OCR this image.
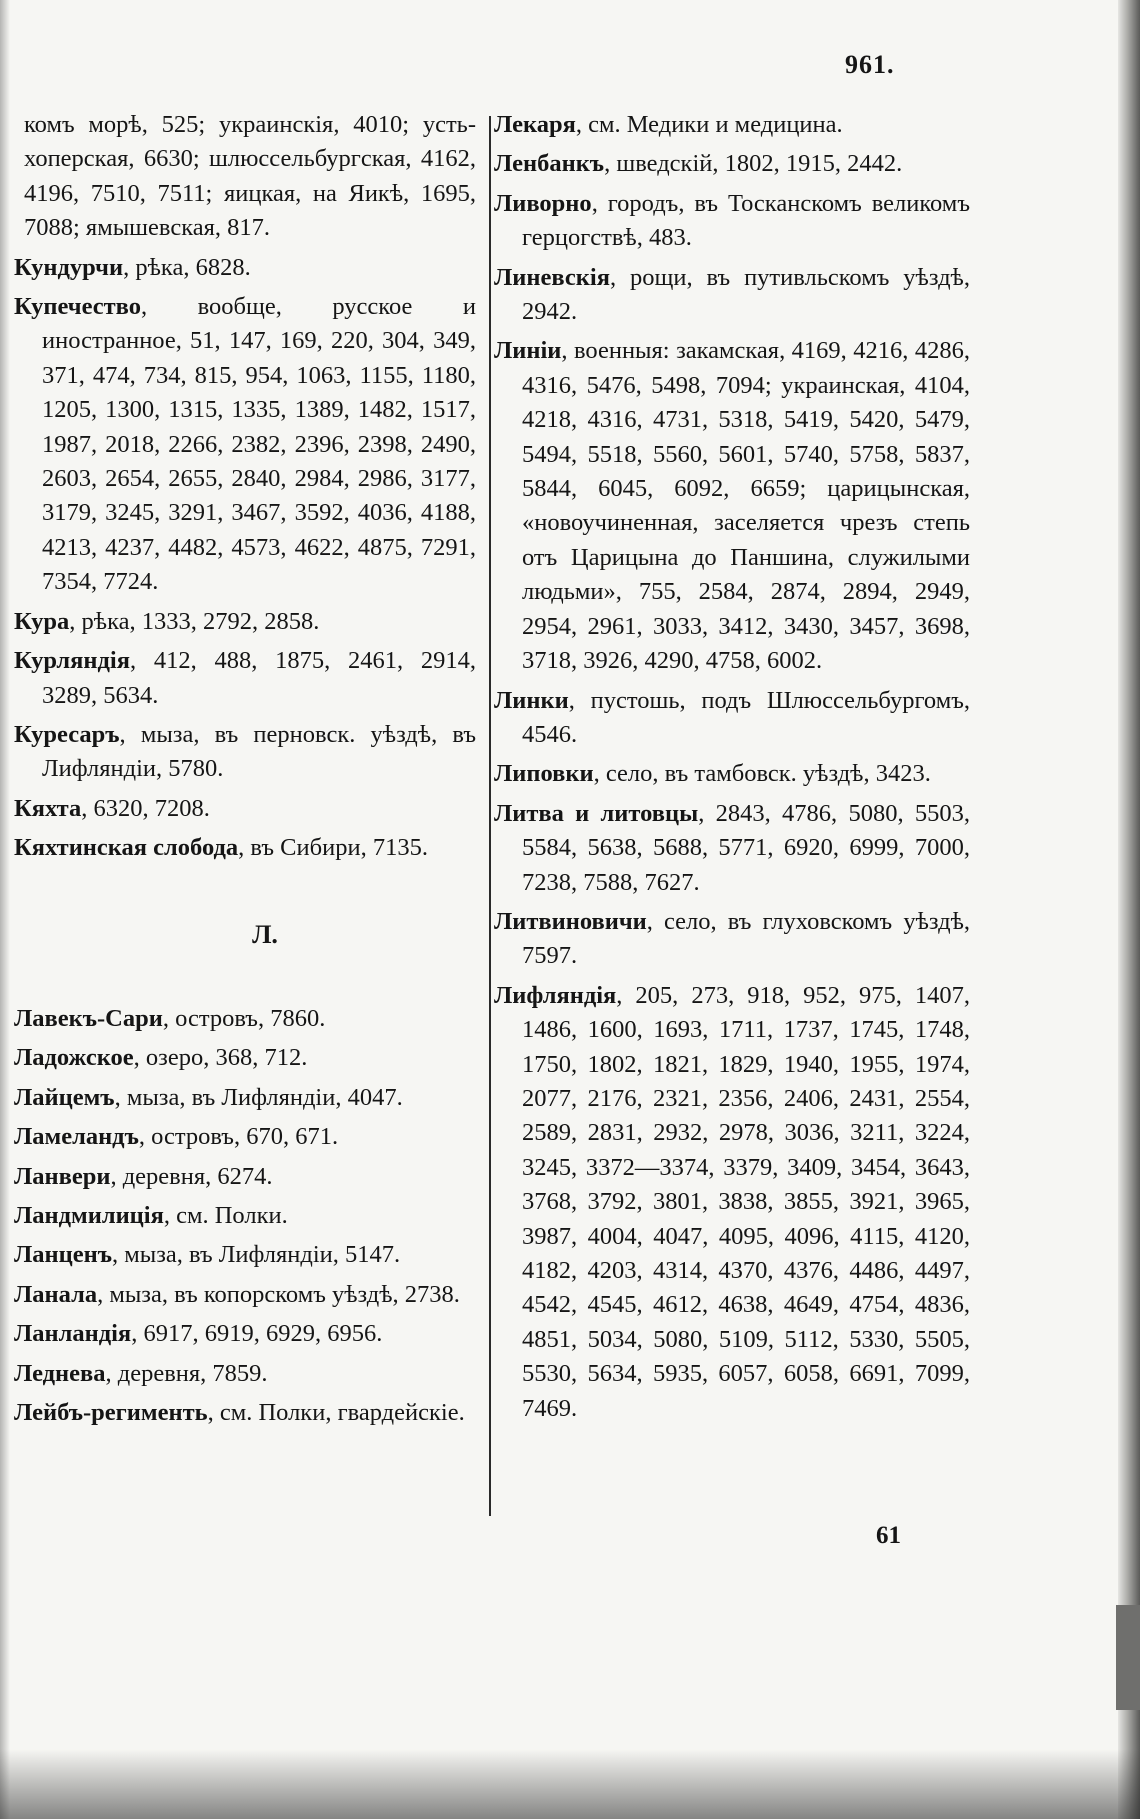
961.

комъ морѣ, 525; украинскія, 4010; усть-хоперская, 6630; шлюссельбургская, 4162, 4196, 7510, 7511; яицкая, на Яикѣ, 1695, 7088; ямышевская, 817.

Кундурчи, рѣка, 6828.

Купечество, вообще, русское и иностранное, 51, 147, 169, 220, 304, 349, 371, 474, 734, 815, 954, 1063, 1155, 1180, 1205, 1300, 1315, 1335, 1389, 1482, 1517, 1987, 2018, 2266, 2382, 2396, 2398, 2490, 2603, 2654, 2655, 2840, 2984, 2986, 3177, 3179, 3245, 3291, 3467, 3592, 4036, 4188, 4213, 4237, 4482, 4573, 4622, 4875, 7291, 7354, 7724.

Кура, рѣка, 1333, 2792, 2858.

Курляндія, 412, 488, 1875, 2461, 2914, 3289, 5634.

Куресаръ, мыза, въ перновск. уѣздѣ, въ Лифляндіи, 5780.

Кяхта, 6320, 7208.

Кяхтинская слобода, въ Сибири, 7135.

Л.

Лавекъ-Сари, островъ, 7860.

Ладожское, озеро, 368, 712.

Лайцемъ, мыза, въ Лифляндіи, 4047.

Ламеландъ, островъ, 670, 671.

Ланвери, деревня, 6274.

Ландмилиція, см. Полки.

Ланценъ, мыза, въ Лифляндіи, 5147.

Ланала, мыза, въ копорскомъ уѣздѣ, 2738.

Ланландія, 6917, 6919, 6929, 6956.

Леднева, деревня, 7859.

Лейбъ-регименть, см. Полки, гвардейскіе.

Лекаря, см. Медики и медицина.

Ленбанкъ, шведскій, 1802, 1915, 2442.

Ливорно, городъ, въ Тосканскомъ великомъ герцогствѣ, 483.

Линевскія, рощи, въ путивльскомъ уѣздѣ, 2942.

Линіи, военныя: закамская, 4169, 4216, 4286, 4316, 5476, 5498, 7094; украинская, 4104, 4218, 4316, 4731, 5318, 5419, 5420, 5479, 5494, 5518, 5560, 5601, 5740, 5758, 5837, 5844, 6045, 6092, 6659; царицынская, «новоучиненная, заселяется чрезъ степь отъ Царицына до Паншина, служилыми людьми», 755, 2584, 2874, 2894, 2949, 2954, 2961, 3033, 3412, 3430, 3457, 3698, 3718, 3926, 4290, 4758, 6002.

Линки, пустошь, подъ Шлюссельбургомъ, 4546.

Липовки, село, въ тамбовск. уѣздѣ, 3423.

Литва и литовцы, 2843, 4786, 5080, 5503, 5584, 5638, 5688, 5771, 6920, 6999, 7000, 7238, 7588, 7627.

Литвиновичи, село, въ глуховскомъ уѣздѣ, 7597.

Лифляндія, 205, 273, 918, 952, 975, 1407, 1486, 1600, 1693, 1711, 1737, 1745, 1748, 1750, 1802, 1821, 1829, 1940, 1955, 1974, 2077, 2176, 2321, 2356, 2406, 2431, 2554, 2589, 2831, 2932, 2978, 3036, 3211, 3224, 3245, 3372—3374, 3379, 3409, 3454, 3643, 3768, 3792, 3801, 3838, 3855, 3921, 3965, 3987, 4004, 4047, 4095, 4096, 4115, 4120, 4182, 4203, 4314, 4370, 4376, 4486, 4497, 4542, 4545, 4612, 4638, 4649, 4754, 4836, 4851, 5034, 5080, 5109, 5112, 5330, 5505, 5530, 5634, 5935, 6057, 6058, 6691, 7099, 7469.

61
